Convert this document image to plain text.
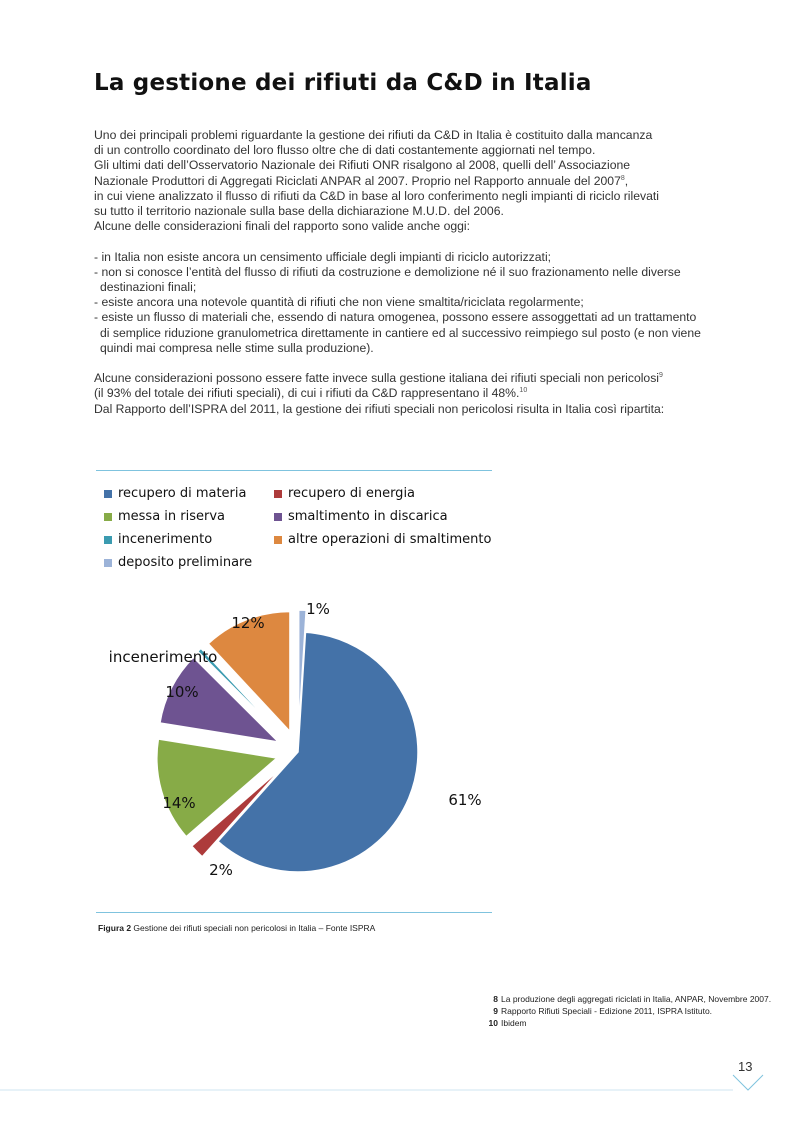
La gestione dei rifiuti da C&D in Italia

Uno dei principali problemi riguardante la gestione dei rifiuti da C&D in Italia è costituito dalla mancanza

di un controllo coordinato del loro flusso oltre che di dati costantemente aggiornati nel tempo.

Gli ultimi dati dell’Osservatorio Nazionale dei Rifiuti ONR risalgono al 2008, quelli dell’ Associazione

Nazionale Produttori di Aggregati Riciclati ANPAR al 2007. Proprio nel Rapporto annuale del 2007$^8$,

in cui viene analizzato il flusso di rifiuti da C&D in base al loro conferimento negli impianti di riciclo rilevati

su tutto il territorio nazionale sulla base della dichiarazione M.U.D. del 2006.

Alcune delle considerazioni finali del rapporto sono valide anche oggi:

- in Italia non esiste ancora un censimento ufficiale degli impianti di riciclo autorizzati;

- non si conosce l’entità del flusso di rifiuti da costruzione e demolizione né il suo frazionamento nelle diverse

destinazioni finali;

- esiste ancora una notevole quantità di rifiuti che non viene smaltita/riciclata regolarmente;

- esiste un flusso di materiali che, essendo di natura omogenea, possono essere assoggettati ad un trattamento

di semplice riduzione granulometrica direttamente in cantiere ed al successivo reimpiego sul posto (e non viene

quindi mai compresa nelle stime sulla produzione).

Alcune considerazioni possono essere fatte invece sulla gestione italiana dei rifiuti speciali non pericolosi$^9$

(il 93% del totale dei rifiuti speciali), di cui i rifiuti da C&D rappresentano il 48%.$^{10}$

Dal Rapporto dell’ISPRA del 2011, la gestione dei rifiuti speciali non pericolosi risulta in Italia così ripartita:

recupero di materia	recupero di energia
messa in riserva	smaltimento in discarica
incenerimento	altre operazioni di smaltimento
deposito preliminare
61%
2%
14%
10%
incenerimento
12%
1%
Figura 2 Gestione dei rifiuti speciali non pericolosi in Italia – Fonte ISPRA
8 La produzione degli aggregati riciclati in Italia, ANPAR, Novembre 2007.
9 Rapporto Rifiuti Speciali - Edizione 2011, ISPRA Istituto.
10 Ibidem
13
